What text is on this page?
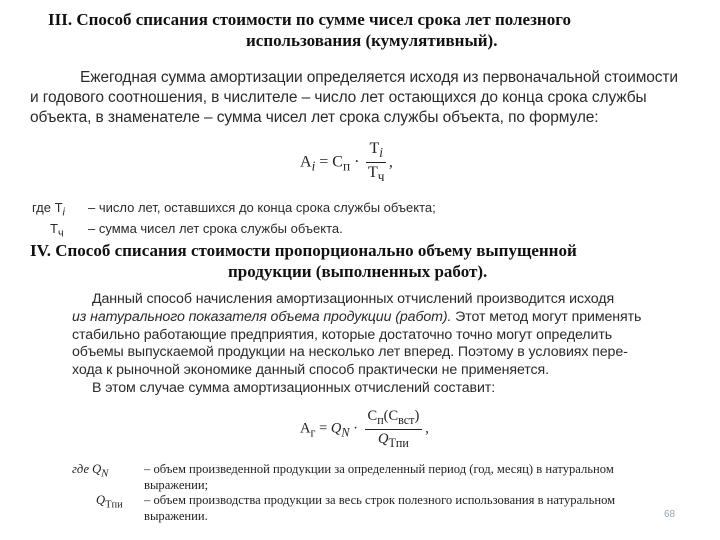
III. Способ списания стоимости по сумме чисел срока лет полезного
использования (кумулятивный).
Ежегодная сумма амортизации определяется исходя из первоначальной стоимости
и годового соотношения, в числителе – число лет остающихся до конца срока службы
объекта, в знаменателе – сумма чисел лет срока службы объекта, по формуле:
$A_i = C_п \cdot \frac{T_i}{T_ч}$ ,
где $T_i$ – число лет, оставшихся до конца срока службы объекта;
$T_ч$ – сумма чисел лет срока службы объекта.
IV. Способ списания стоимости пропорционально объему выпущенной
продукции (выполненных работ).
Данный способ начисления амортизационных отчислений производится исходя
из натурального показателя объема продукции (работ). Этот метод могут применять
стабильно работающие предприятия, которые достаточно точно могут определить
объемы выпускаемой продукции на несколько лет вперед. Поэтому в условиях пере-
хода к рыночной экономике данный способ практически не применяется.
В этом случае сумма амортизационных отчислений составит:
$A_г = Q_N \cdot \frac{C_п(C_{вст})}{Q_{Tпи}}$ ,
где $Q_N$	– объем произведенной продукции за определенный период (год, месяц) в натуральном
выражении;
$Q_{Tпи}$	– объем производства продукции за весь строк полезного использования в натуральном
выражении.	68
